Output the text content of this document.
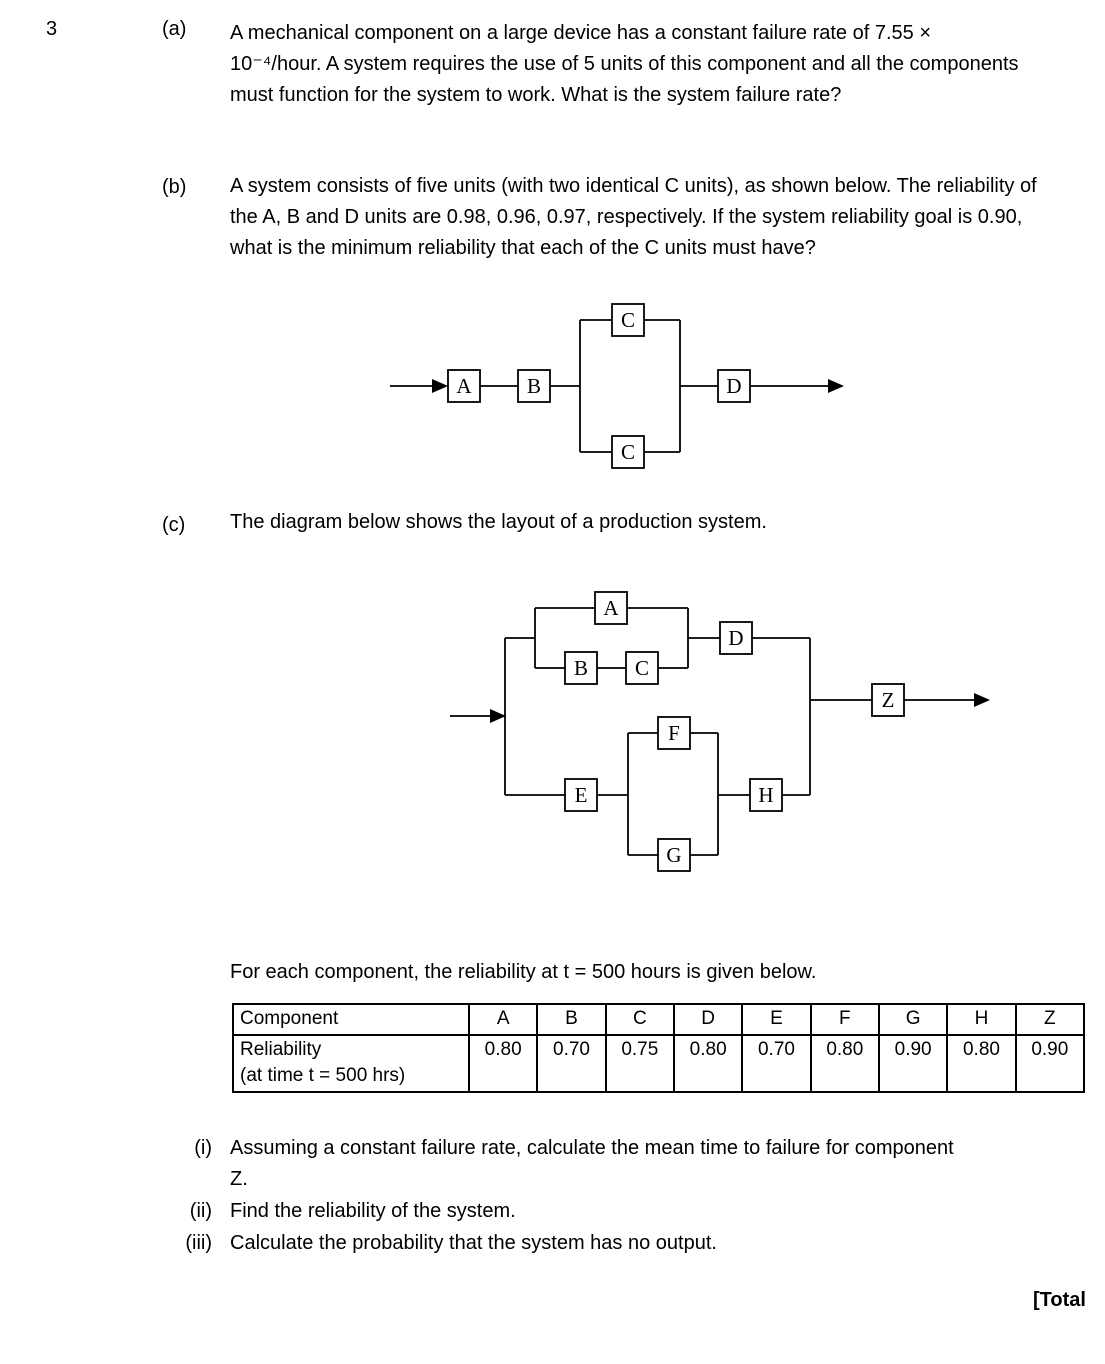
3	(a) A mechanical component on a large device has a constant failure rate of 7.55 × 10⁻⁴/hour. A system requires the use of 5 units of this component and all the components must function for the system to work. What is the system failure rate?
(b) A system consists of five units (with two identical C units), as shown below. The reliability of the A, B and D units are 0.98, 0.96, 0.97, respectively. If the system reliability goal is 0.90, what is the minimum reliability that each of the C units must have?
A	B
C
C
D
(c) The diagram below shows the layout of a production system.
A
B C
D
Z
E
F
G
H
For each component, the reliability at t = 500 hours is given below.
Component	A	B	C	D	E	F	G	H	Z

Reliability
(at time t = 500 hrs)	0.80	0.70	0.75	0.80	0.70	0.80	0.90	0.80	0.90
(i) Assuming a constant failure rate, calculate the mean time to failure for component Z.
(ii) Find the reliability of the system.
(iii) Calculate the probability that the system has no output.
[Total
